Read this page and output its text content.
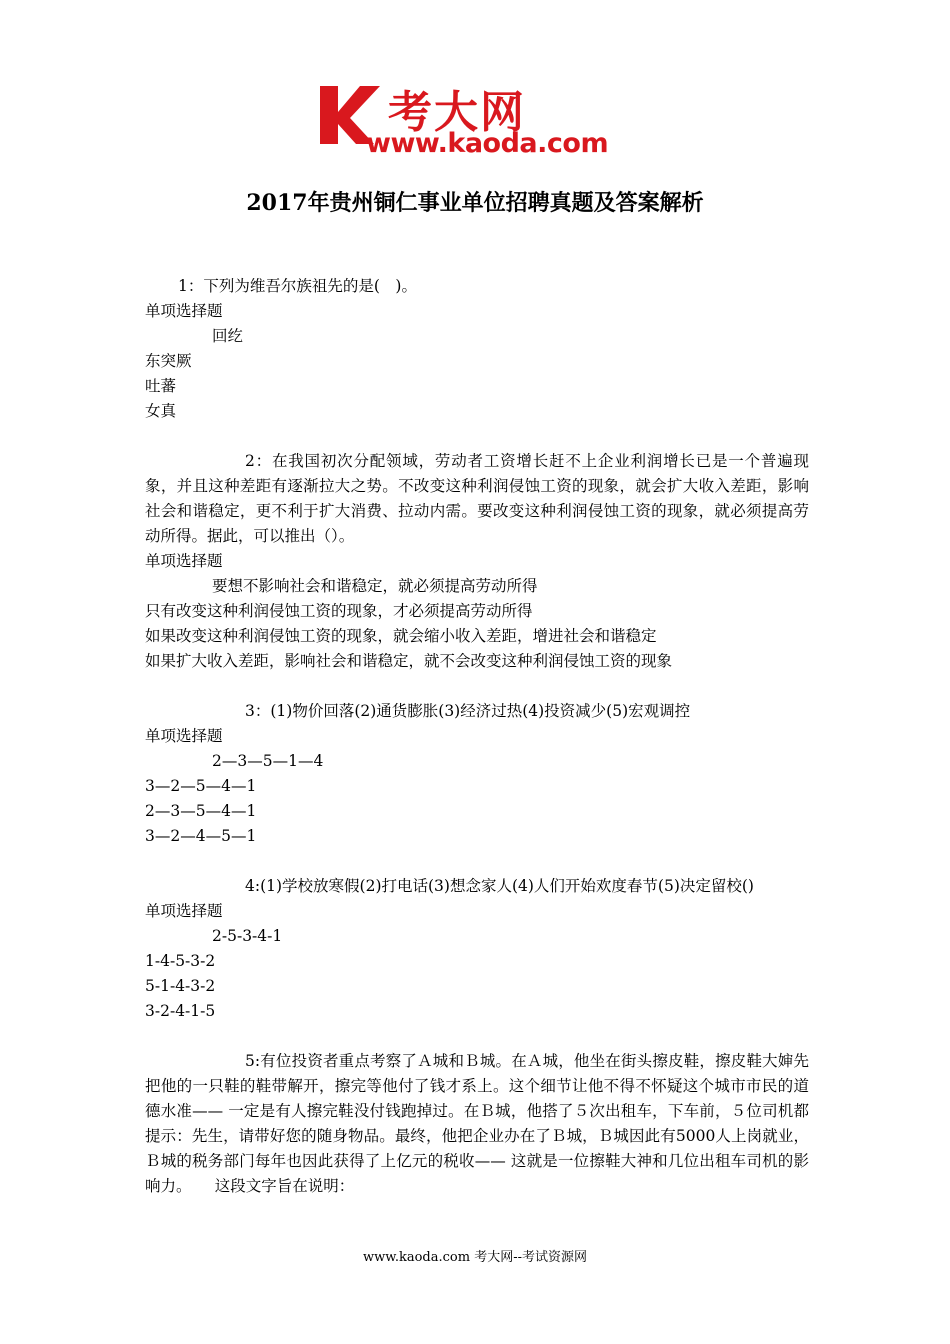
考大网
www.kaoda.com
2017年贵州铜仁事业单位招聘真题及答案解析
1：下列为维吾尔族祖先的是(　)。
单项选择题
回纥
东突厥
吐蕃
女真
2：在我国初次分配领域，劳动者工资增长赶不上企业利润增长已是一个普遍现象，并且这种差距有逐渐拉大之势。不改变这种利润侵蚀工资的现象，就会扩大收入差距，影响社会和谐稳定，更不利于扩大消费、拉动内需。要改变这种利润侵蚀工资的现象，就必须提高劳动所得。据此，可以推出（）。
单项选择题
要想不影响社会和谐稳定，就必须提高劳动所得
只有改变这种利润侵蚀工资的现象，才必须提高劳动所得
如果改变这种利润侵蚀工资的现象，就会缩小收入差距，增进社会和谐稳定
如果扩大收入差距，影响社会和谐稳定，就不会改变这种利润侵蚀工资的现象
3：(1)物价回落(2)通货膨胀(3)经济过热(4)投资减少(5)宏观调控
单项选择题
2—3—5—1—4
3—2—5—4—1
2—3—5—4—1
3—2—4—5—1
4:(1)学校放寒假(2)打电话(3)想念家人(4)人们开始欢度春节(5)决定留校()
单项选择题
2-5-3-4-1
1-4-5-3-2
5-1-4-3-2
3-2-4-1-5
5:有位投资者重点考察了Ａ城和Ｂ城。在Ａ城，他坐在街头擦皮鞋，擦皮鞋大婶先把他的一只鞋的鞋带解开，擦完等他付了钱才系上。这个细节让他不得不怀疑这个城市市民的道德水准—— 一定是有人擦完鞋没付钱跑掉过。在Ｂ城，他搭了５次出租车，下车前，５位司机都提示：先生，请带好您的随身物品。最终，他把企业办在了Ｂ城，Ｂ城因此有5000人上岗就业，Ｂ城的税务部门每年也因此获得了上亿元的税收—— 这就是一位擦鞋大神和几位出租车司机的影响力。　　这段文字旨在说明：
www.kaoda.com 考大网--考试资源网
